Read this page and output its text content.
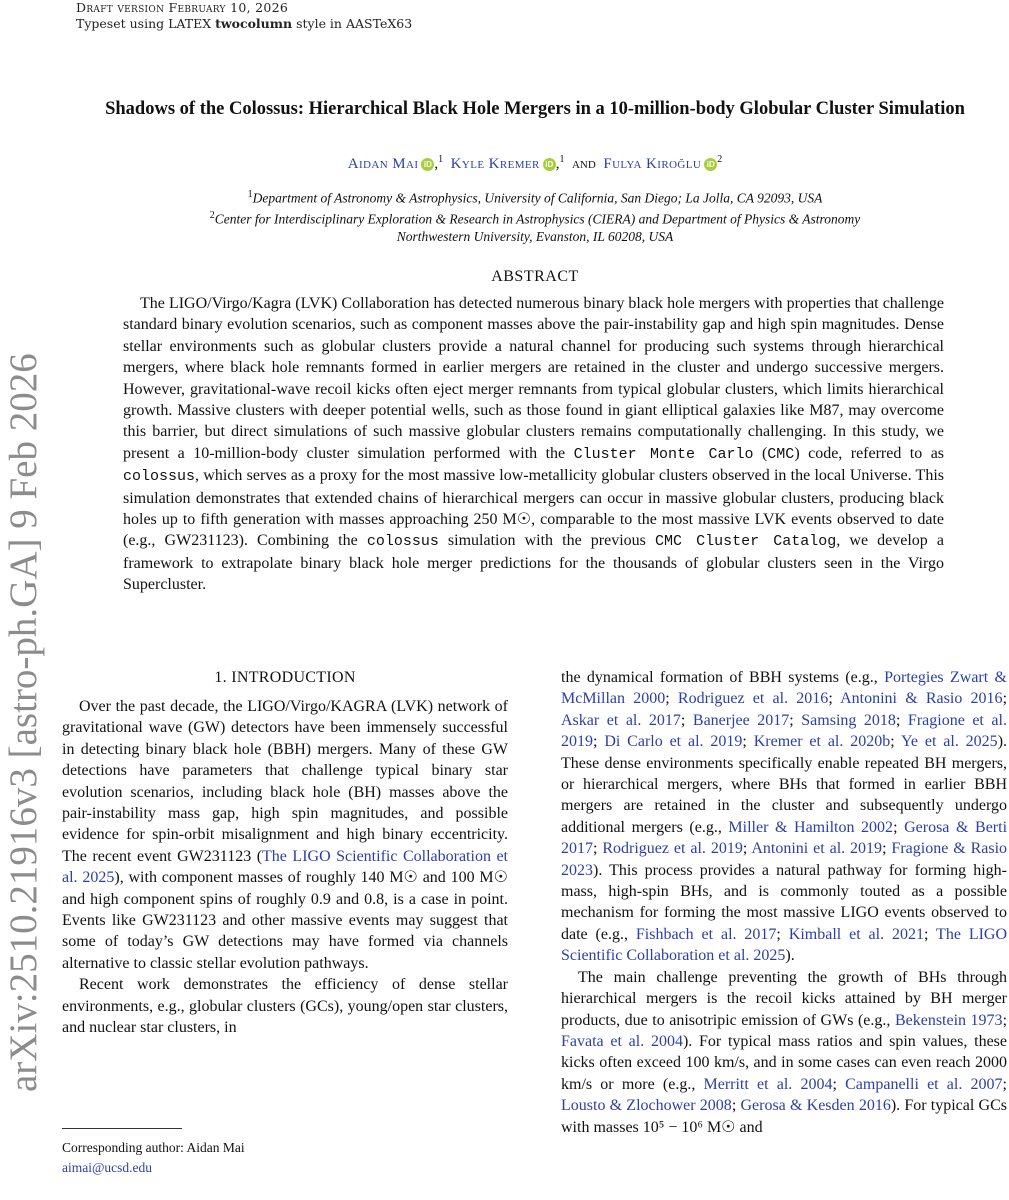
Draft version February 10, 2026
Typeset using LATEX twocolumn style in AASTeX63
arXiv:2510.21916v3 [astro-ph.GA] 9 Feb 2026
Shadows of the Colossus: Hierarchical Black Hole Mergers in a 10-million-body Globular Cluster Simulation
Aidan Mai iD ,$^1$ Kyle Kremer iD ,$^1$ and Fulya Kiroğlu iD $^2$
$^1$Department of Astronomy & Astrophysics, University of California, San Diego; La Jolla, CA 92093, USA
$^2$Center for Interdisciplinary Exploration & Research in Astrophysics (CIERA) and Department of Physics & Astronomy
Northwestern University, Evanston, IL 60208, USA
ABSTRACT
The LIGO/Virgo/Kagra (LVK) Collaboration has detected numerous binary black hole mergers with properties that challenge standard binary evolution scenarios, such as component masses above the pair-instability gap and high spin magnitudes. Dense stellar environments such as globular clusters provide a natural channel for producing such systems through hierarchical mergers, where black hole remnants formed in earlier mergers are retained in the cluster and undergo successive mergers. However, gravitational-wave recoil kicks often eject merger remnants from typical globular clusters, which limits hierarchical growth. Massive clusters with deeper potential wells, such as those found in giant elliptical galaxies like M87, may overcome this barrier, but direct simulations of such massive globular clusters remains computationally challenging. In this study, we present a 10-million-body cluster simulation performed with the Cluster Monte Carlo (CMC) code, referred to as colossus, which serves as a proxy for the most massive low-metallicity globular clusters observed in the local Universe. This simulation demonstrates that extended chains of hierarchical mergers can occur in massive globular clusters, producing black holes up to fifth generation with masses approaching 250 M☉, comparable to the most massive LVK events observed to date (e.g., GW231123). Combining the colossus simulation with the previous CMC Cluster Catalog, we develop a framework to extrapolate binary black hole merger predictions for the thousands of globular clusters seen in the Virgo Supercluster.
1. INTRODUCTION

Over the past decade, the LIGO/Virgo/KAGRA (LVK) network of gravitational wave (GW) detectors have been immensely successful in detecting binary black hole (BBH) mergers. Many of these GW detections have parameters that challenge typical binary star evolution scenarios, including black hole (BH) masses above the pair-instability mass gap, high spin magnitudes, and possible evidence for spin-orbit misalignment and high binary eccentricity. The recent event GW231123 (The LIGO Scientific Collaboration et al. 2025), with component masses of roughly 140 M☉ and 100 M☉ and high component spins of roughly 0.9 and 0.8, is a case in point. Events like GW231123 and other massive events may suggest that some of today’s GW detections may have formed via channels alternative to classic stellar evolution pathways.

Recent work demonstrates the efficiency of dense stellar environments, e.g., globular clusters (GCs), young/open star clusters, and nuclear star clusters, in

the dynamical formation of BBH systems (e.g., Portegies Zwart & McMillan 2000; Rodriguez et al. 2016; Antonini & Rasio 2016; Askar et al. 2017; Banerjee 2017; Samsing 2018; Fragione et al. 2019; Di Carlo et al. 2019; Kremer et al. 2020b; Ye et al. 2025). These dense environments specifically enable repeated BH mergers, or hierarchical mergers, where BHs that formed in earlier BBH mergers are retained in the cluster and subsequently undergo additional mergers (e.g., Miller & Hamilton 2002; Gerosa & Berti 2017; Rodriguez et al. 2019; Antonini et al. 2019; Fragione & Rasio 2023). This process provides a natural pathway for forming high-mass, high-spin BHs, and is commonly touted as a possible mechanism for forming the most massive LIGO events observed to date (e.g., Fishbach et al. 2017; Kimball et al. 2021; The LIGO Scientific Collaboration et al. 2025).

The main challenge preventing the growth of BHs through hierarchical mergers is the recoil kicks attained by BH merger products, due to anisotripic emission of GWs (e.g., Bekenstein 1973; Favata et al. 2004). For typical mass ratios and spin values, these kicks often exceed 100 km/s, and in some cases can even reach 2000 km/s or more (e.g., Merritt et al. 2004; Campanelli et al. 2007; Lousto & Zlochower 2008; Gerosa & Kesden 2016). For typical GCs with masses 10⁵ − 10⁶ M☉ and

Corresponding author: Aidan Mai
aimai@ucsd.edu
